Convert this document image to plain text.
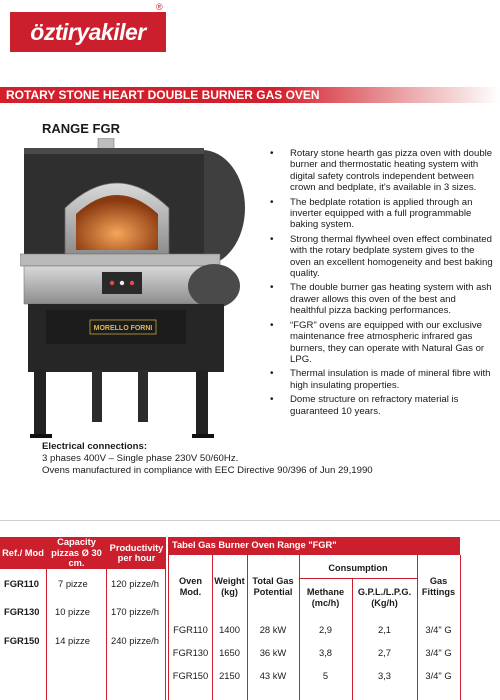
öztiryakiler
®
ROTARY STONE HEART DOUBLE BURNER GAS OVEN
RANGE FGR
MORELLO FORNI
• Rotary stone hearth gas pizza oven with double burner and thermostatic heating system with digital safety controls independent between crown and bedplate, it's available in 3 sizes.
• The bedplate rotation is applied through an inverter equipped with a full programmable baking system.
• Strong thermal flywheel oven effect combinated with the rotary bedplate system gives to the oven an excellent homogeneity and best baking quality.
• The double burner gas heating system with ash drawer allows this oven of the best and healthful pizza backing performances.
• “FGR” ovens are equipped with our exclusive maintenance free atmospheric infrared gas burners, they can operate with Natural Gas or LPG.
• Thermal insulation is made of mineral fibre with high insulating properties.
• Dome structure on refractory material is guaranteed 10 years.
Electrical connections:
3 phases 400V – Single phase 230V 50/60Hz.
Ovens manufactured in compliance with EEC Directive 90/396 of Jun 29,1990
Ref./ Mod
Capacity pizzas Ø 30 cm.
Productivity per hour
FGR110 7 pizze 120 pizze/h
FGR130 10 pizze 170 pizze/h
FGR150 14 pizze 240 pizze/h
Tabel Gas Burner Oven Range "FGR"
Oven Mod.
Weight (kg)
Total Gas Potential
Consumption
Methane (mc/h)
G.P.L./L.P.G. (Kg/h)
Gas Fittings
FGR110	1400	28 kW	2,9	2,1	3/4" G
FGR130	1650	36 kW	3,8	2,7	3/4" G
FGR150	2150	43 kW	5	3,3	3/4" G
